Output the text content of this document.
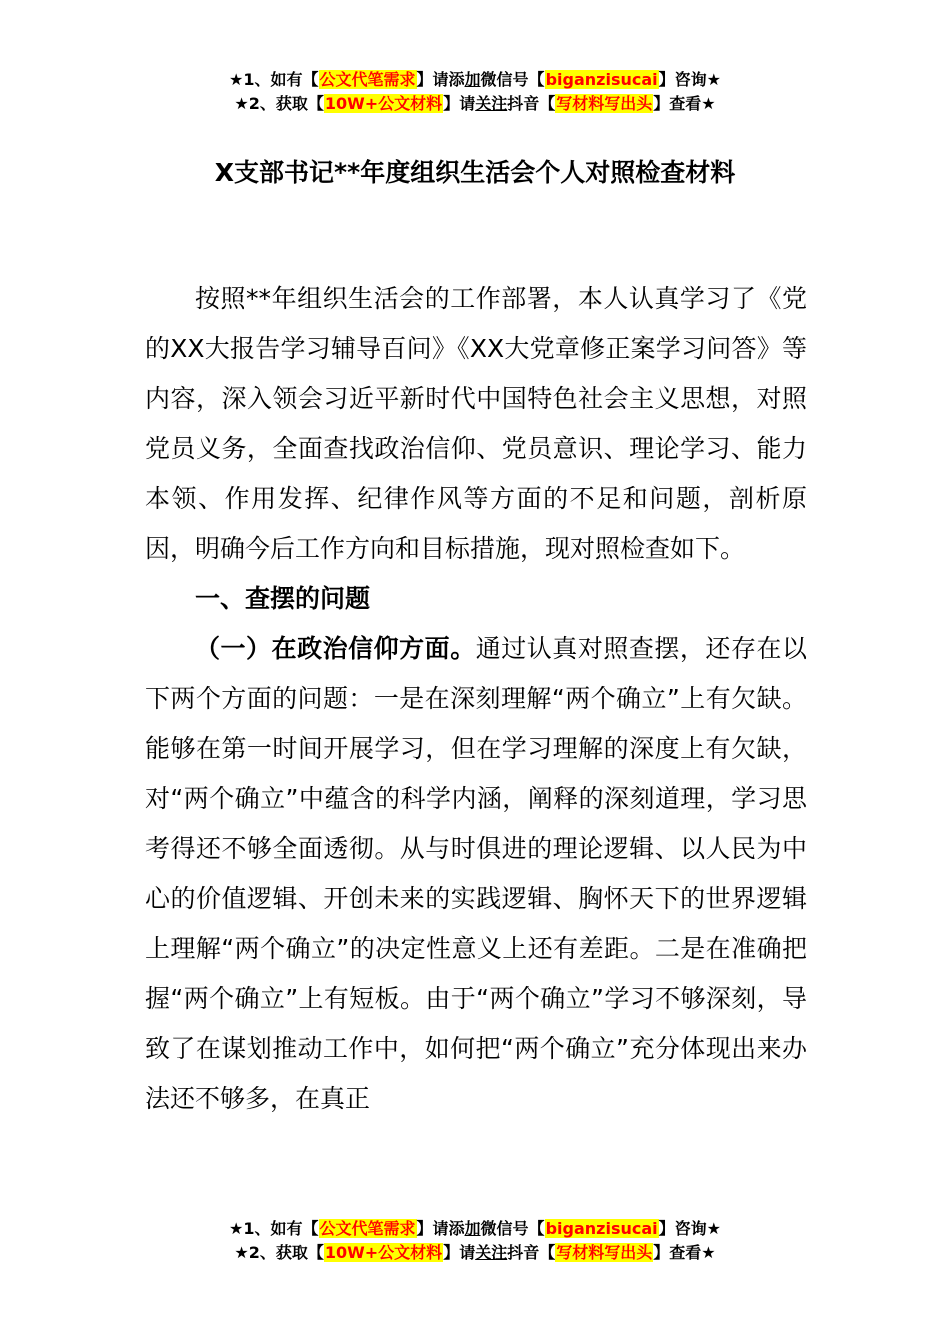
★1、如有【公文代笔需求】请添加微信号【biganzisucai】咨询★
★2、获取【10W+公文材料】请关注抖音【写材料写出头】查看★
X支部书记**年度组织生活会个人对照检查材料

按照**年组织生活会的工作部署，本人认真学习了《党的XX大报告学习辅导百问》《XX大党章修正案学习问答》等内容，深入领会习近平新时代中国特色社会主义思想，对照党员义务，全面查找政治信仰、党员意识、理论学习、能力本领、作用发挥、纪律作风等方面的不足和问题，剖析原因，明确今后工作方向和目标措施，现对照检查如下。

一、查摆的问题

（一）在政治信仰方面。通过认真对照查摆，还存在以下两个方面的问题：一是在深刻理解“两个确立”上有欠缺。能够在第一时间开展学习，但在学习理解的深度上有欠缺，对“两个确立”中蕴含的科学内涵，阐释的深刻道理，学习思考得还不够全面透彻。从与时俱进的理论逻辑、以人民为中心的价值逻辑、开创未来的实践逻辑、胸怀天下的世界逻辑上理解“两个确立”的决定性意义上还有差距。二是在准确把握“两个确立”上有短板。由于“两个确立”学习不够深刻，导致了在谋划推动工作中，如何把“两个确立”充分体现出来办法还不够多，在真正

★1、如有【公文代笔需求】请添加微信号【biganzisucai】咨询★
★2、获取【10W+公文材料】请关注抖音【写材料写出头】查看★
